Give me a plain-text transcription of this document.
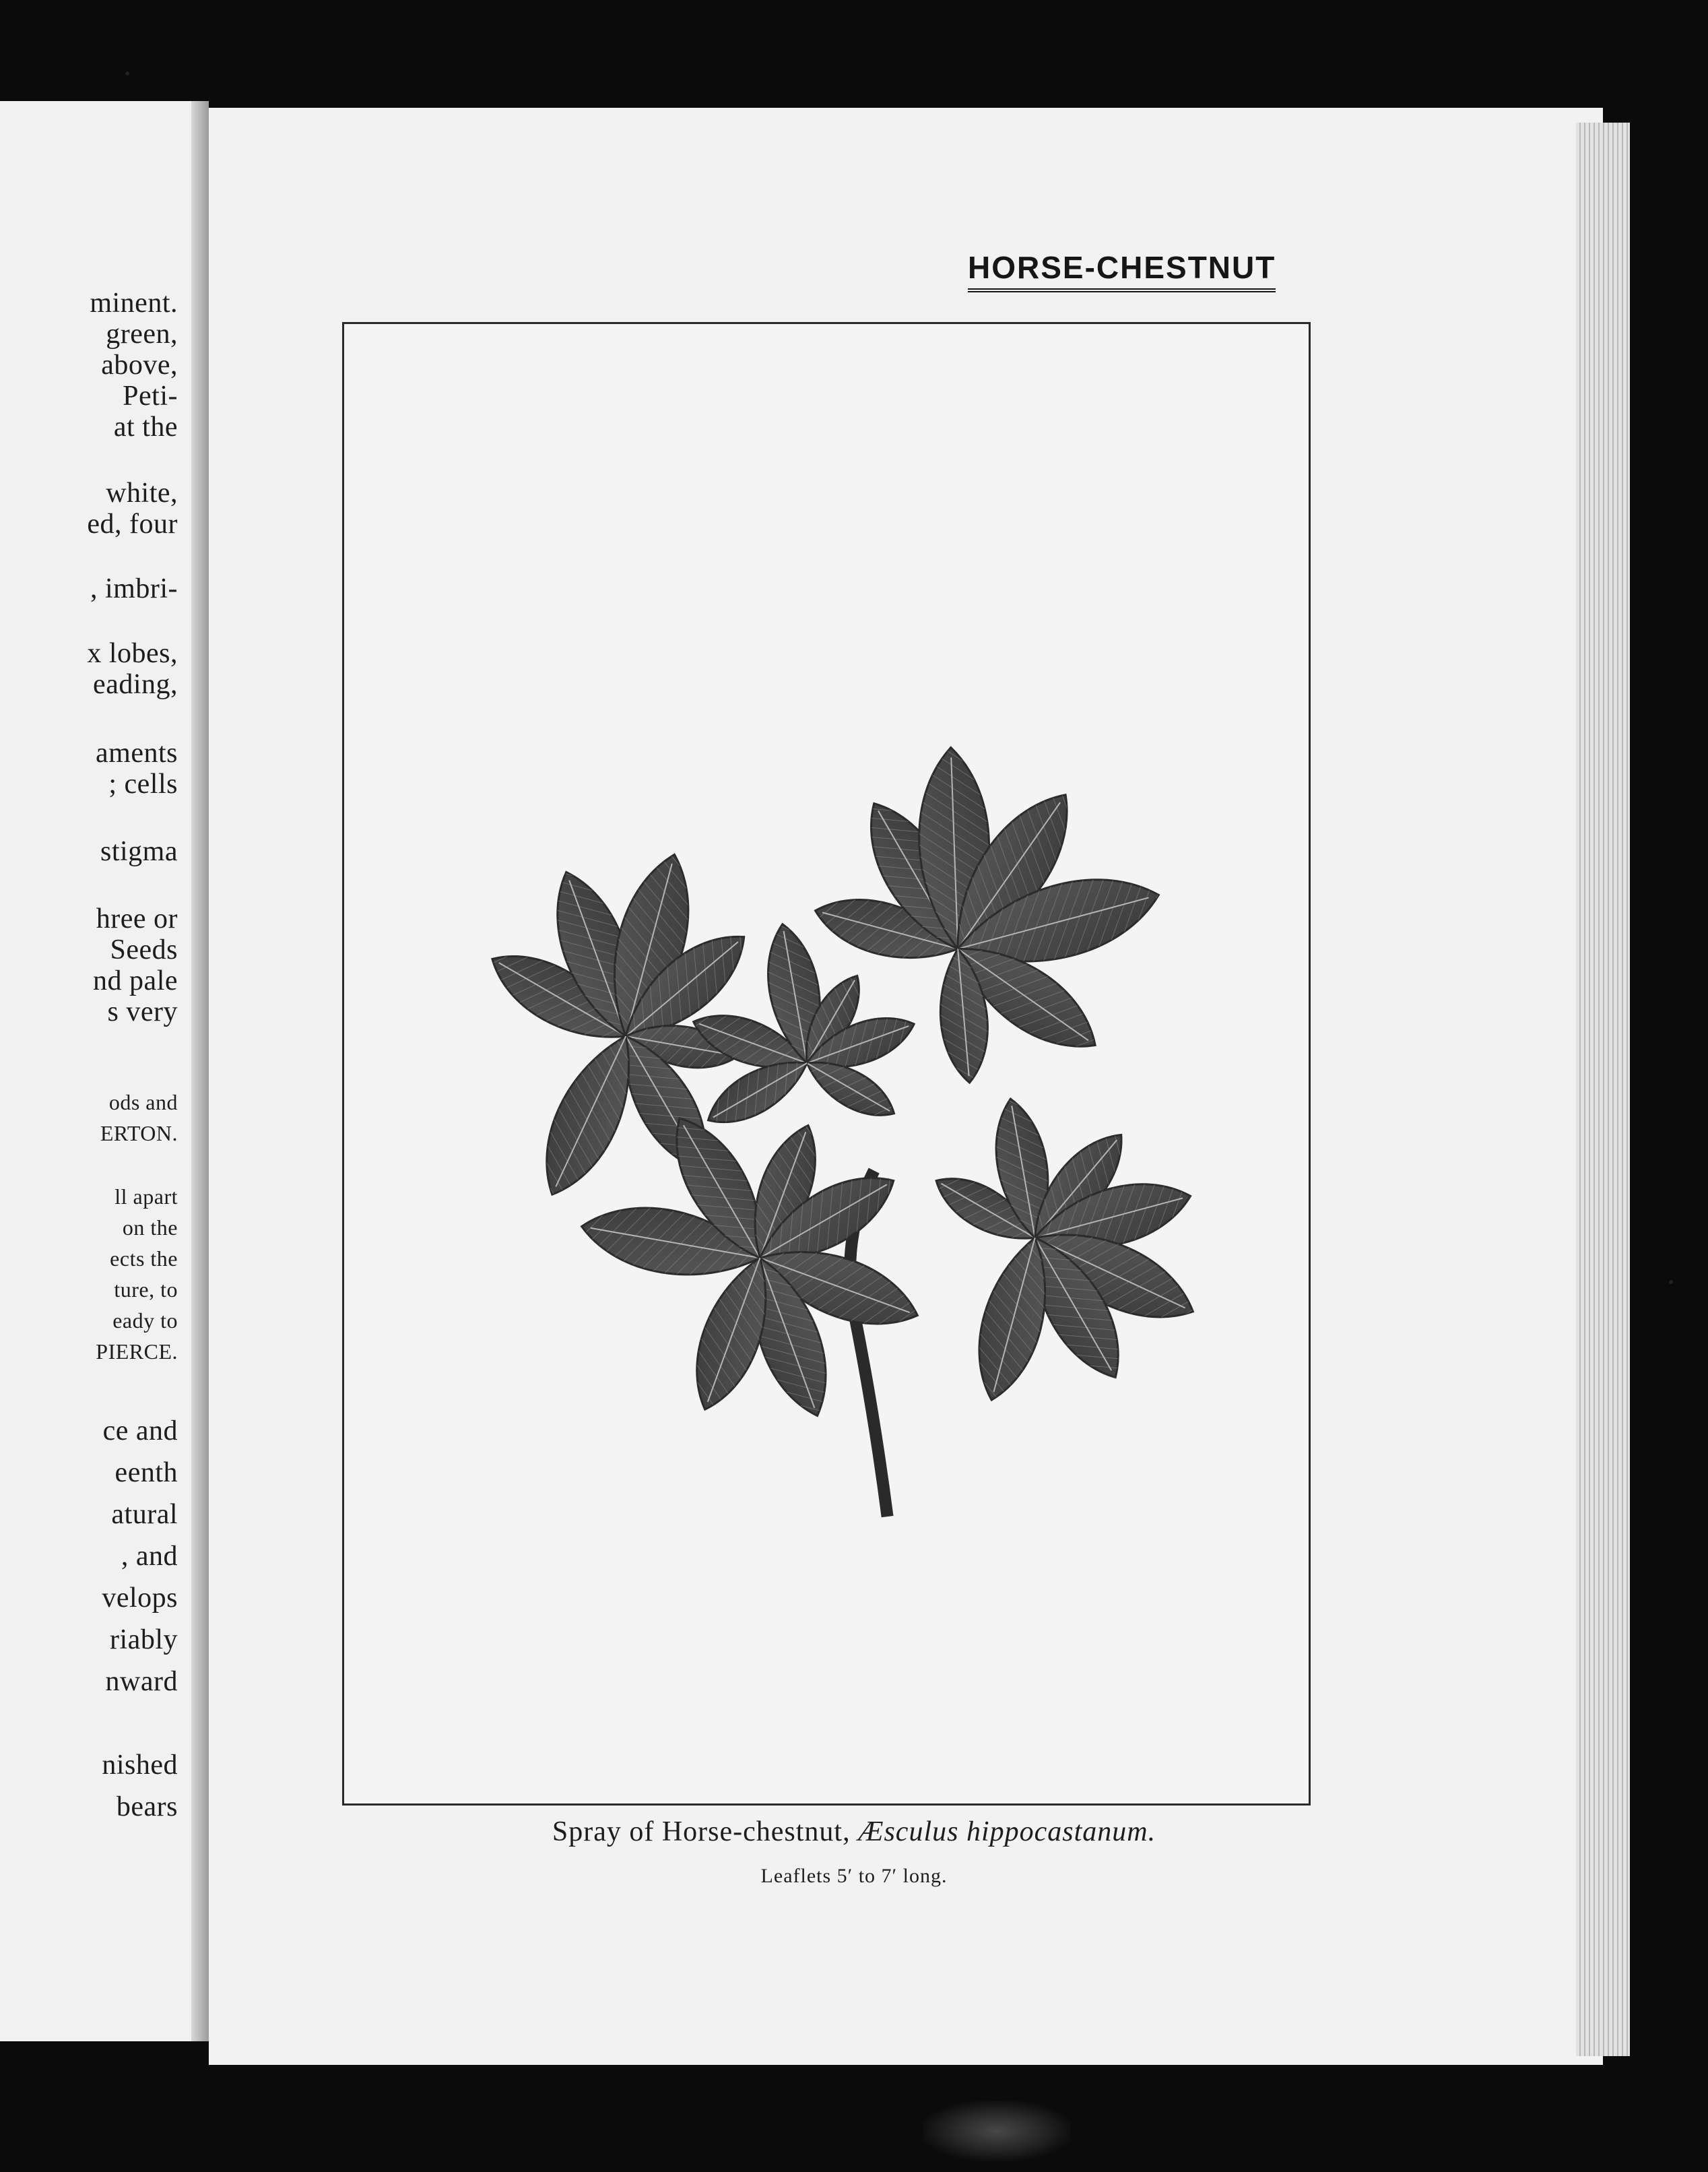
minent.

green,

above,

Peti-

at the

white,

ed, four

, imbri-

x lobes,

eading,

aments

; cells

stigma

hree or

Seeds

nd pale

s very

ods and

ERTON.

ll apart

on the

ects the

ture, to

eady to

PIERCE.

ce and

eenth

atural

, and

velops

riably

nward

nished

bears

HORSE-CHESTNUT

Spray of Horse-chestnut, Æsculus hippocastanum.

Leaflets 5′ to 7′ long.
